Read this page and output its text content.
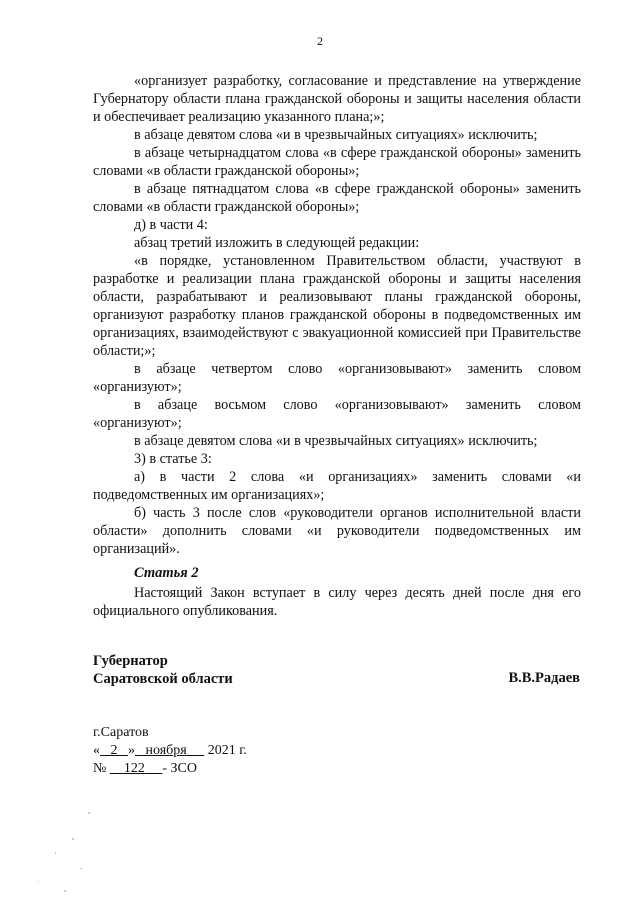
2

«организует разработку, согласование и представление на утверждение Губернатору области плана гражданской обороны и защиты населения области и обеспечивает реализацию указанного плана;»;

в абзаце девятом слова «и в чрезвычайных ситуациях» исключить;

в абзаце четырнадцатом слова «в сфере гражданской обороны» заменить словами «в области гражданской обороны»;

в абзаце пятнадцатом слова «в сфере гражданской обороны» заменить словами «в области гражданской обороны»;

д) в части 4:

абзац третий изложить в следующей редакции:

«в порядке, установленном Правительством области, участвуют в разработке и реализации плана гражданской обороны и защиты населения области, разрабатывают и реализовывают планы гражданской обороны, организуют разработку планов гражданской обороны в подведомственных им организациях, взаимодействуют с эвакуационной комиссией при Правительстве области;»;

в абзаце четвертом слово «организовывают» заменить словом «организуют»;

в абзаце восьмом слово «организовывают» заменить словом «организуют»;

в абзаце девятом слова «и в чрезвычайных ситуациях» исключить;

3) в статье 3:

а) в части 2 слова «и организациях» заменить словами «и подведомственных им организациях»;

б) часть 3 после слов «руководители органов исполнительной власти области» дополнить словами «и руководители подведомственных им организаций».

Статья 2

Настоящий Закон вступает в силу через десять дней после дня его официального опубликования.

Губернатор
Саратовской области	В.В.Радаев
г.Саратов
« 2 » ноября 2021 г.
№ 122 - ЗСО
